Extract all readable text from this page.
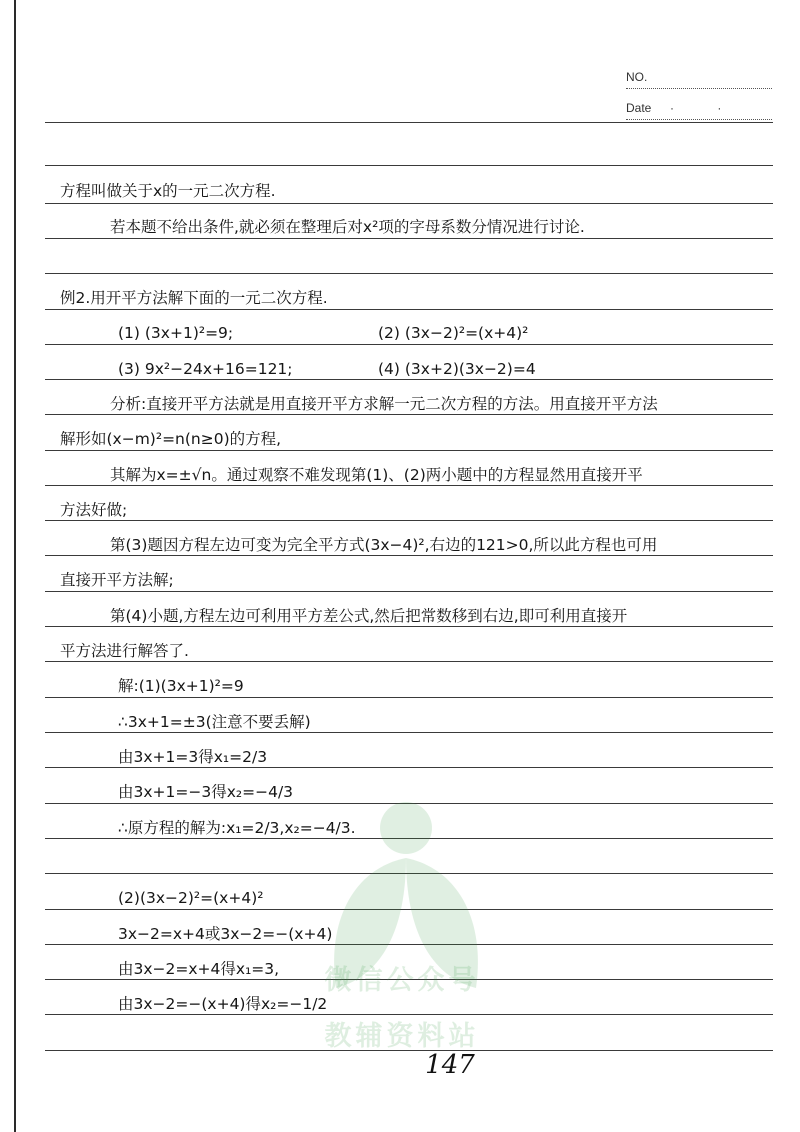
NO.
Date · ·
微信公众号
教辅资料站
方程叫做关于x的一元二次方程.
若本题不给出条件,就必须在整理后对x²项的字母系数分情况进行讨论.
例2.用开平方法解下面的一元二次方程.
(1) (3x+1)²=9;	(2) (3x−2)²=(x+4)²
(3) 9x²−24x+16=121;	(4) (3x+2)(3x−2)=4
分析:直接开平方法就是用直接开平方求解一元二次方程的方法。用直接开平方法
解形如(x−m)²=n(n≥0)的方程,
其解为x=±√n。通过观察不难发现第(1)、(2)两小题中的方程显然用直接开平
方法好做;
第(3)题因方程左边可变为完全平方式(3x−4)²,右边的121>0,所以此方程也可用
直接开平方法解;
第(4)小题,方程左边可利用平方差公式,然后把常数移到右边,即可利用直接开
平方法进行解答了.
解:(1)(3x+1)²=9
∴3x+1=±3(注意不要丢解)
由3x+1=3得x₁=2/3
由3x+1=−3得x₂=−4/3
∴原方程的解为:x₁=2/3,x₂=−4/3.
(2)(3x−2)²=(x+4)²
3x−2=x+4或3x−2=−(x+4)
由3x−2=x+4得x₁=3,
由3x−2=−(x+4)得x₂=−1/2
147
